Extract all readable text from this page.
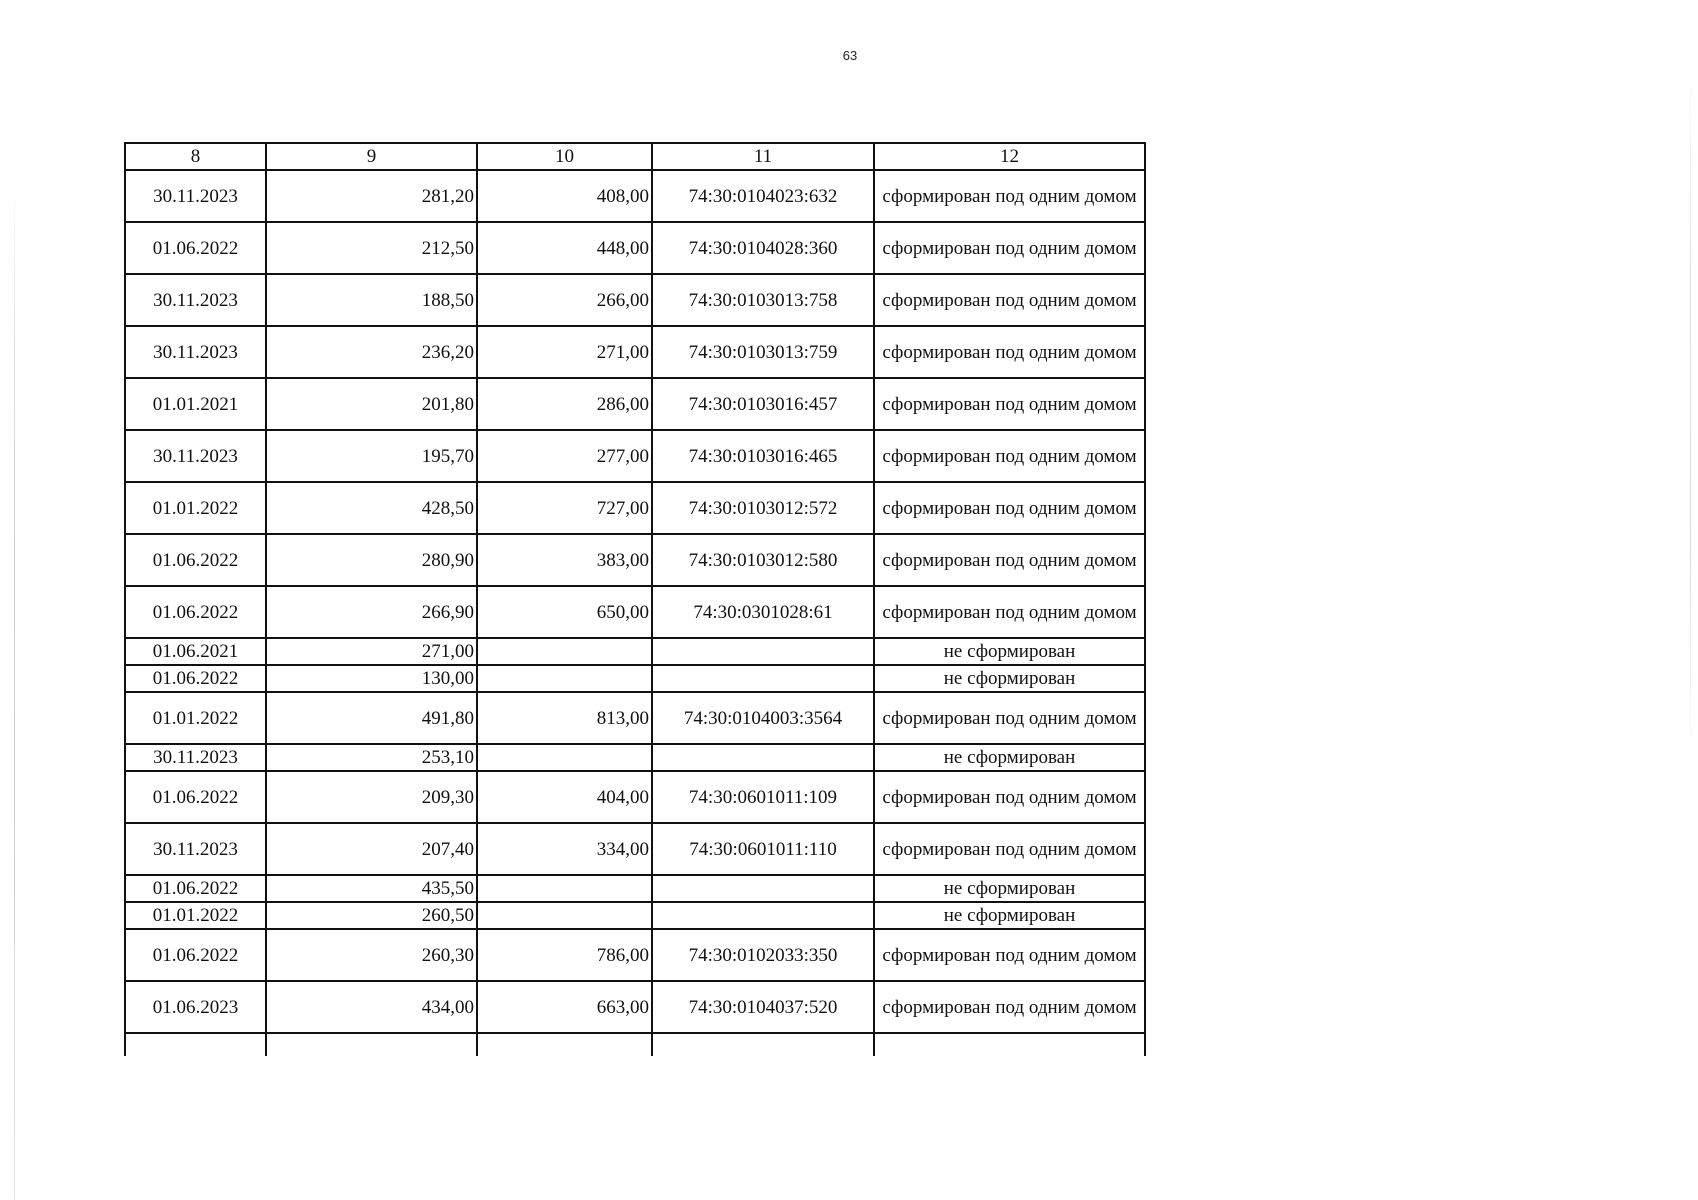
63
8	9	10	11	12
30.11.2023	281,20	408,00	74:30:0104023:632	сформирован под одним домом
01.06.2022	212,50	448,00	74:30:0104028:360	сформирован под одним домом
30.11.2023	188,50	266,00	74:30:0103013:758	сформирован под одним домом
30.11.2023	236,20	271,00	74:30:0103013:759	сформирован под одним домом
01.01.2021	201,80	286,00	74:30:0103016:457	сформирован под одним домом
30.11.2023	195,70	277,00	74:30:0103016:465	сформирован под одним домом
01.01.2022	428,50	727,00	74:30:0103012:572	сформирован под одним домом
01.06.2022	280,90	383,00	74:30:0103012:580	сформирован под одним домом
01.06.2022	266,90	650,00	74:30:0301028:61	сформирован под одним домом
01.06.2021	271,00			не сформирован
01.06.2022	130,00			не сформирован
01.01.2022	491,80	813,00	74:30:0104003:3564	сформирован под одним домом
30.11.2023	253,10			не сформирован
01.06.2022	209,30	404,00	74:30:0601011:109	сформирован под одним домом
30.11.2023	207,40	334,00	74:30:0601011:110	сформирован под одним домом
01.06.2022	435,50			не сформирован
01.01.2022	260,50			не сформирован
01.06.2022	260,30	786,00	74:30:0102033:350	сформирован под одним домом
01.06.2023	434,00	663,00	74:30:0104037:520	сформирован под одним домом
